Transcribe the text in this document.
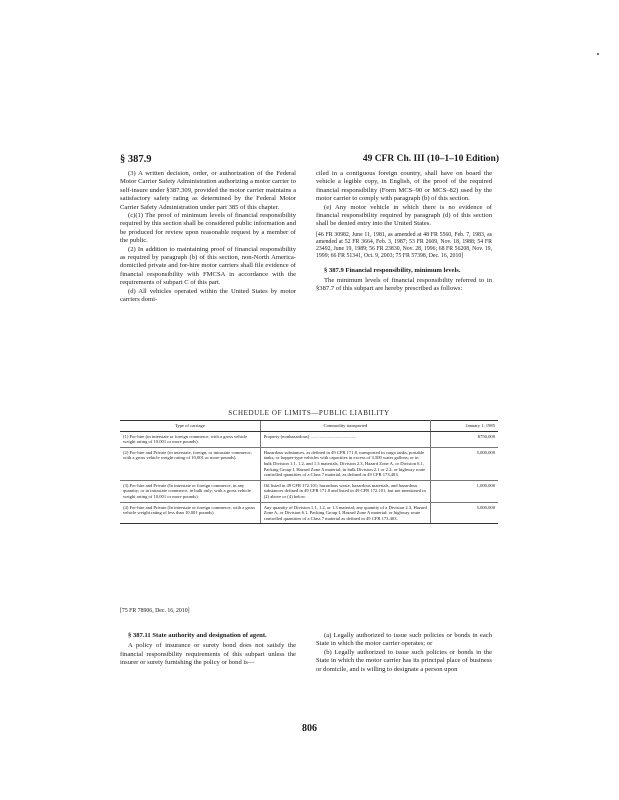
§ 387.9	49 CFR Ch. III (10–1–10 Edition)

(3) A written decision, order, or authorization of the Federal Motor Carrier Safety Administration authorizing a motor carrier to self-insure under §387.309, provided the motor carrier maintains a satisfactory safety rating as determined by the Federal Motor Carrier Safety Administration under part 385 of this chapter.

(c)(1) The proof of minimum levels of financial responsibility required by this section shall be considered public information and be produced for review upon reasonable request by a member of the public.

(2) In addition to maintaining proof of financial responsibility as required by paragraph (b) of this section, non-North America-domiciled private and for-hire motor carriers shall file evidence of financial responsibility with FMCSA in accordance with the requirements of subpart C of this part.

(d) All vehicles operated within the United States by motor carriers domi-

ciled in a contiguous foreign country, shall have on board the vehicle a legible copy, in English, of the proof of the required financial responsibility (Form MCS–90 or MCS–82) used by the motor carrier to comply with paragraph (b) of this section.

(e) Any motor vehicle in which there is no evidence of financial responsibility required by paragraph (d) of this section shall be denied entry into the United States.

[46 FR 30982, June 11, 1981, as amended at 48 FR 5560, Feb. 7, 1983, as amended at 52 FR 3664, Feb. 3, 1987; 53 FR 2609, Nov. 18, 1988; 54 FR 23492, June 19, 1989; 56 FR 23830, Nov. 28, 1996; 68 FR 56208, Nov. 19, 1999; 66 FR 51341, Oct. 9, 2003; 75 FR 57398, Dec. 16, 2010]

§ 387.9 Financial responsibility, minimum levels.

The minimum levels of financial responsibility referred to in §387.7 of this subpart are hereby prescribed as follows:

SCHEDULE OF LIMITS—PUBLIC LIABILITY
Type of carriage	Commodity transported	January 1, 1985
(1) For-hire (in interstate or foreign commerce, with a gross vehicle weight rating of 10,001 or more pounds).	Property (nonhazardous) ........................................	$750,000
(2) For-hire and Private (in interstate, foreign, or intrastate commerce, with a gross vehicle weight rating of 10,001 or more pounds).	Hazardous substances, as defined in 49 CFR 171.8, transported in cargo tanks, portable tanks, or hopper-type vehicles with capacities in excess of 3,500 water gallons; or in bulk Division 1.1, 1.2, and 1.3 materials, Division 2.3, Hazard Zone A, or Division 6.1, Packing Group I, Hazard Zone A material; in bulk Division 2.1 or 2.2; or highway route controlled quantities of a Class 7 material, as defined in 49 CFR 173.403.	5,000,000
(3) For-hire and Private (In interstate or foreign commerce, in any quantity; or in intrastate commerce, in bulk only; with a gross vehicle weight rating of 10,001 or more pounds).	Oil listed in 49 CFR 172.101; hazardous waste, hazardous materials, and hazardous substances defined in 49 CFR 171.8 and listed in 49 CFR 172.101, but not mentioned in (2) above or (4) below.	1,000,000
(4) For-hire and Private (In interstate or foreign commerce, with a gross vehicle weight rating of less than 10,001 pounds).	Any quantity of Division 1.1, 1.2, or 1.3 material; any quantity of a Division 2.3, Hazard Zone A, or Division 6.1, Packing Group I, Hazard Zone A material; or highway route controlled quantities of a Class 7 material as defined in 49 CFR 173.403.	5,000,000
[75 FR 78906, Dec. 16, 2010]

§ 387.11 State authority and designation of agent.

A policy of insurance or surety bond does not satisfy the financial responsibility requirements of this subpart unless the insurer or surety furnishing the policy or bond is—

(a) Legally authorized to issue such policies or bonds in each State in which the motor carrier operates; or

(b) Legally authorized to issue such policies or bonds in the State in which the motor carrier has its principal place of business or domicile, and is willing to designate a person upon

806
